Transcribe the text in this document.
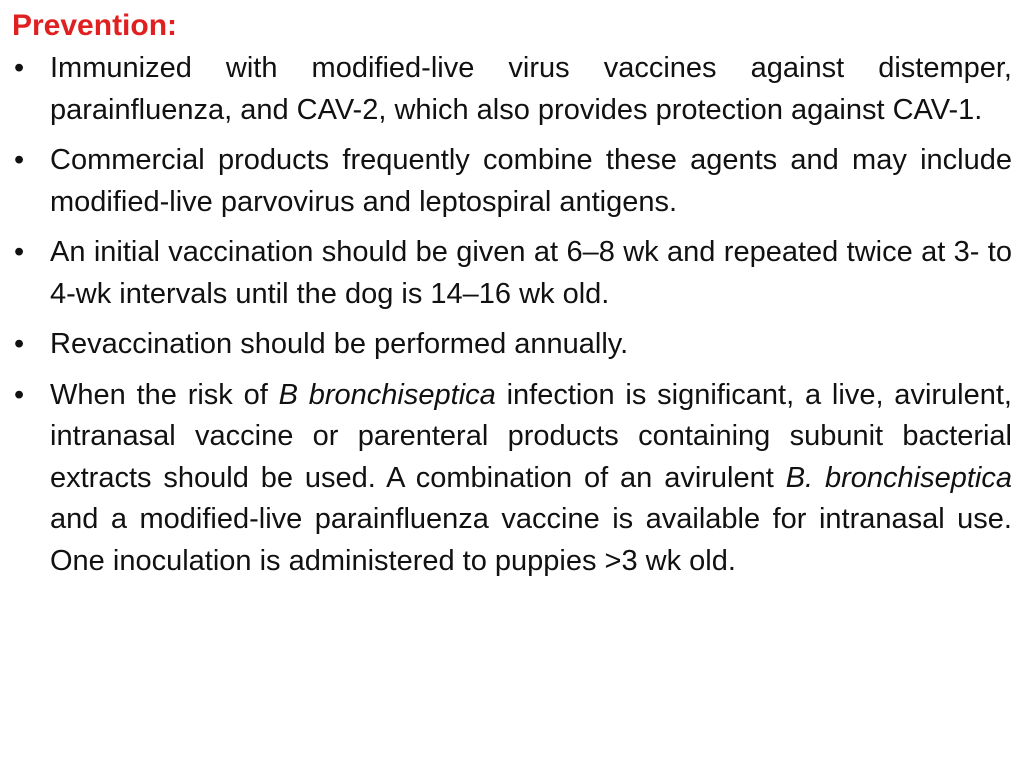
Prevention:
• Immunized with modified-live virus vaccines against distemper, parainfluenza, and CAV-2, which also provides protection against CAV-1.
• Commercial products frequently combine these agents and may include modified-live parvovirus and leptospiral antigens.
• An initial vaccination should be given at 6–8 wk and repeated twice at 3- to 4-wk intervals until the dog is 14–16 wk old.
• Revaccination should be performed annually.
• When the risk of B bronchiseptica infection is significant, a live, avirulent, intranasal vaccine or parenteral products containing subunit bacterial extracts should be used. A combination of an avirulent B. bronchiseptica and a modified-live parainfluenza vaccine is available for intranasal use. One inoculation is administered to puppies >3 wk old.
